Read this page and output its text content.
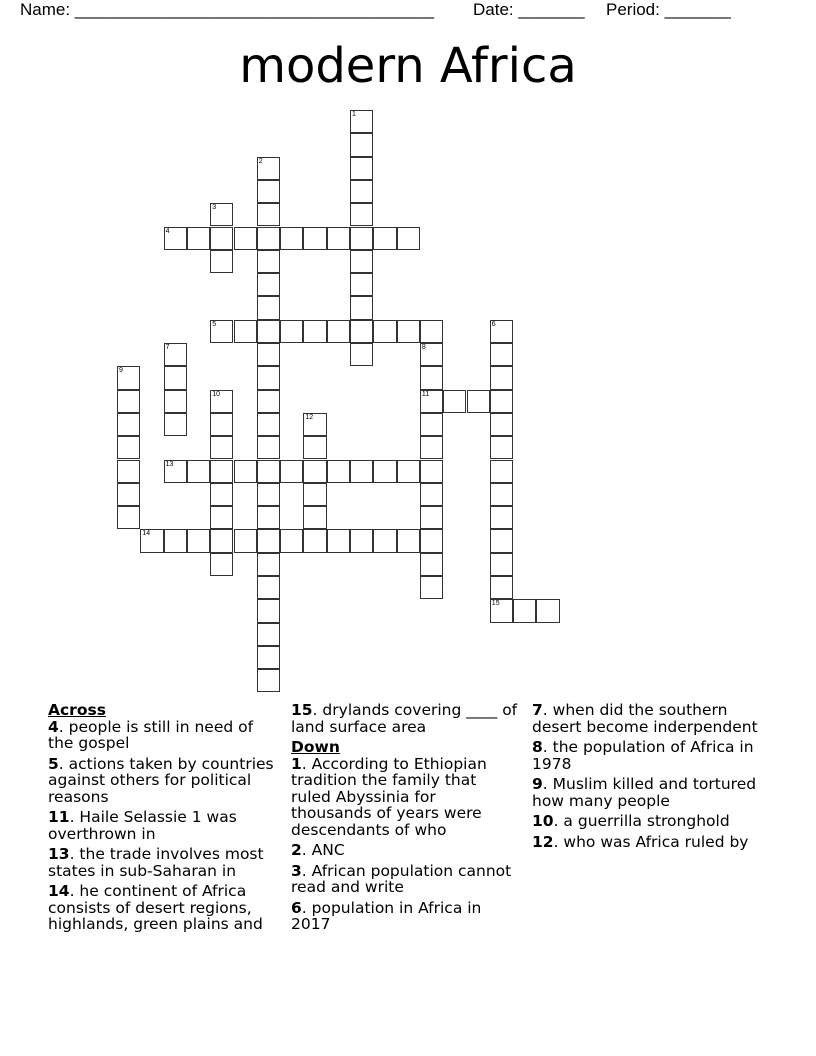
Name: ______________________________________ Date: _______ Period: _______
modern Africa
1
2
3
4
5	6
7	8
11
9
10
12
13
14
15
Across
4. people is still in need of the gospel
5. actions taken by countries against others for political reasons
11. Haile Selassie 1 was overthrown in
13. the trade involves most states in sub-Saharan in
14. he continent of Africa consists of desert regions, highlands, green plains and
15. drylands covering ____ of land surface area
Down
1. According to Ethiopian tradition the family that ruled Abyssinia for thousands of years were descendants of who
2. ANC
3. African population cannot read and write
6. population in Africa in 2017
7. when did the southern desert become inderpendent
8. the population of Africa in 1978
9. Muslim killed and tortured how many people
10. a guerrilla stronghold
12. who was Africa ruled by
